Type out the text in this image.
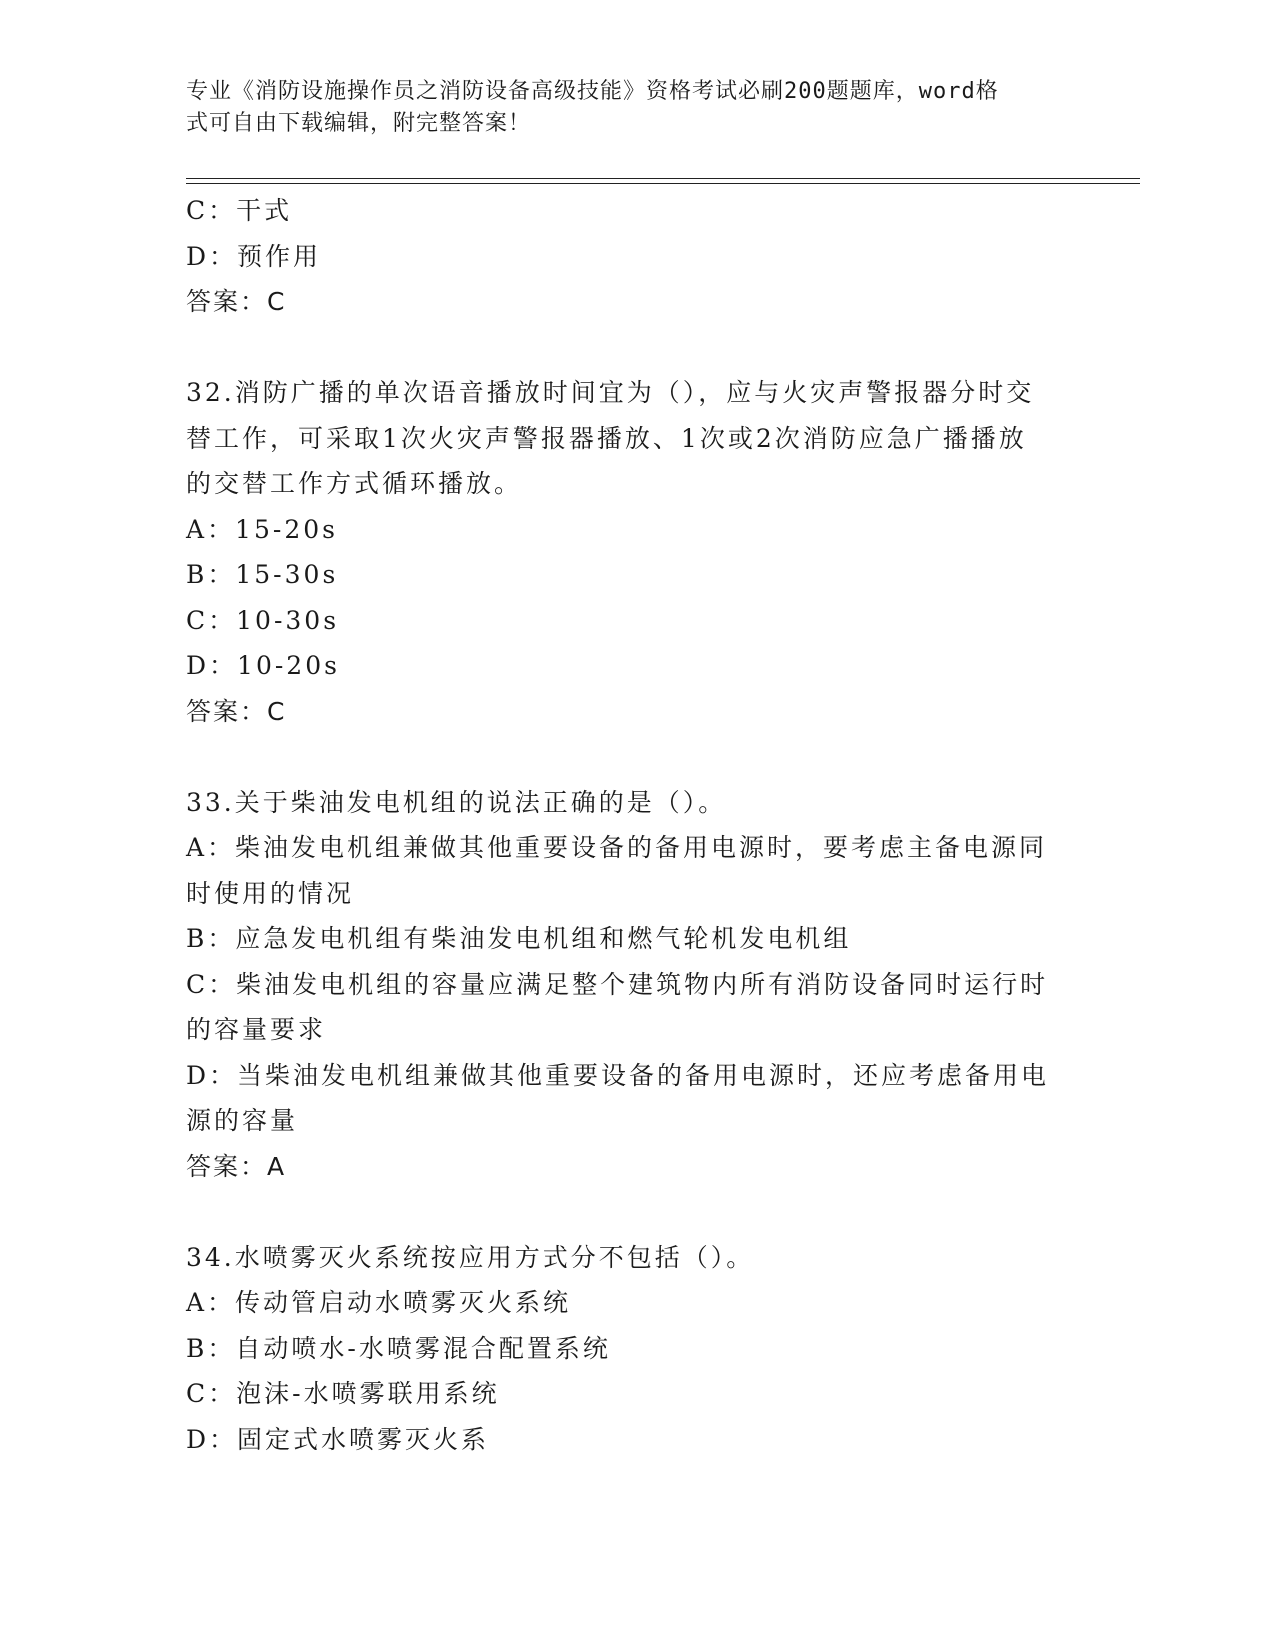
专业《消防设施操作员之消防设备高级技能》资格考试必刷200题题库，word格
式可自由下载编辑，附完整答案！
C：干式
D：预作用
答案：C
32.消防广播的单次语音播放时间宜为（），应与火灾声警报器分时交
替工作，可采取1次火灾声警报器播放、1次或2次消防应急广播播放
的交替工作方式循环播放。
A：15-20s
B：15-30s
C：10-30s
D：10-20s
答案：C
33.关于柴油发电机组的说法正确的是（）。
A：柴油发电机组兼做其他重要设备的备用电源时，要考虑主备电源同
时使用的情况
B：应急发电机组有柴油发电机组和燃气轮机发电机组
C：柴油发电机组的容量应满足整个建筑物内所有消防设备同时运行时
的容量要求
D：当柴油发电机组兼做其他重要设备的备用电源时，还应考虑备用电
源的容量
答案：A
34.水喷雾灭火系统按应用方式分不包括（）。
A：传动管启动水喷雾灭火系统
B：自动喷水-水喷雾混合配置系统
C：泡沫-水喷雾联用系统
D：固定式水喷雾灭火系
